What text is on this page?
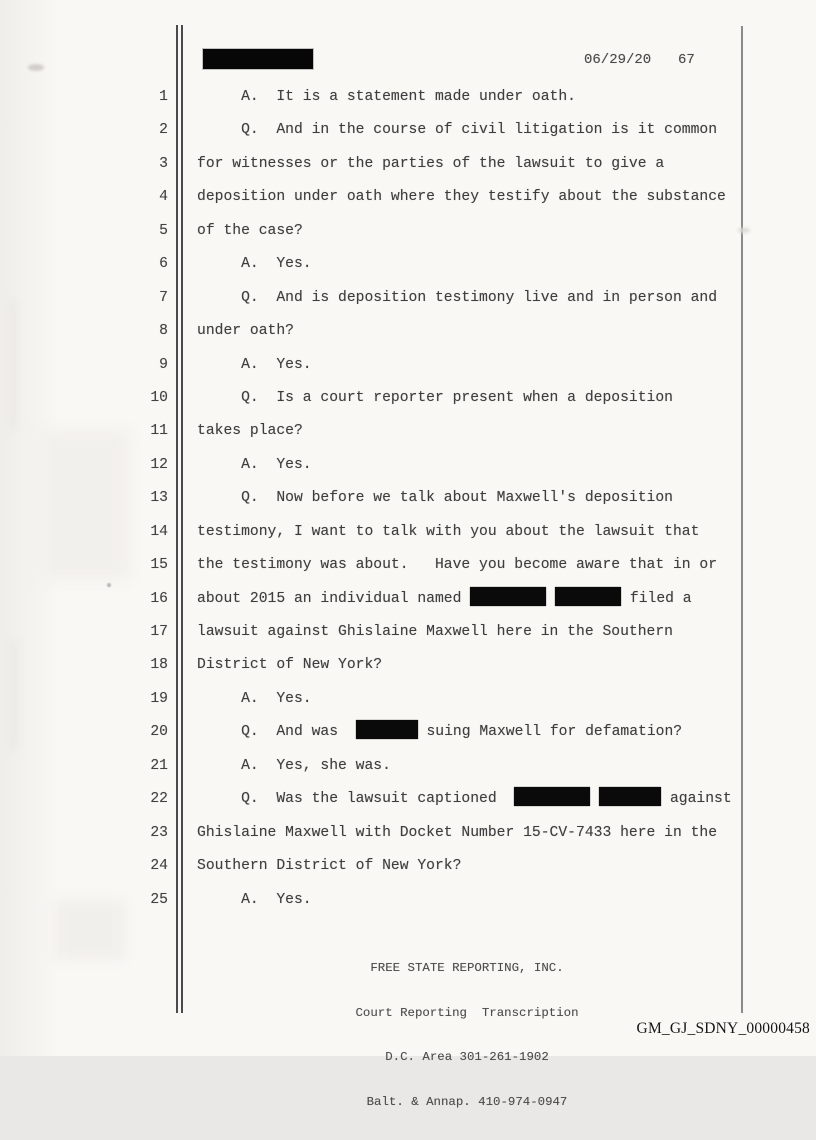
06/29/20 67
1 A.  It is a statement made under oath.
2 Q.  And in the course of civil litigation is it common
3 for witnesses or the parties of the lawsuit to give a
4 deposition under oath where they testify about the substance
5 of the case?
6 A.  Yes.
7 Q.  And is deposition testimony live and in person and
8 under oath?
9 A.  Yes.
10 Q.  Is a court reporter present when a deposition
11 takes place?
12 A.  Yes.
13 Q.  Now before we talk about Maxwell's deposition
14 testimony, I want to talk with you about the lawsuit that
15 the testimony was about.   Have you become aware that in or
16 about 2015 an individual named	filed a
17 lawsuit against Ghislaine Maxwell here in the Southern
18 District of New York?
19 A.  Yes.
20 Q.  And was	suing Maxwell for defamation?
21 A.  Yes, she was.
22 Q.  Was the lawsuit captioned	against
23 Ghislaine Maxwell with Docket Number 15-CV-7433 here in the
24 Southern District of New York?
25 A.  Yes.

FREE STATE REPORTING, INC.

Court Reporting  Transcription

D.C. Area 301-261-1902

Balt. & Annap. 410-974-0947

GM_GJ_SDNY_00000458
